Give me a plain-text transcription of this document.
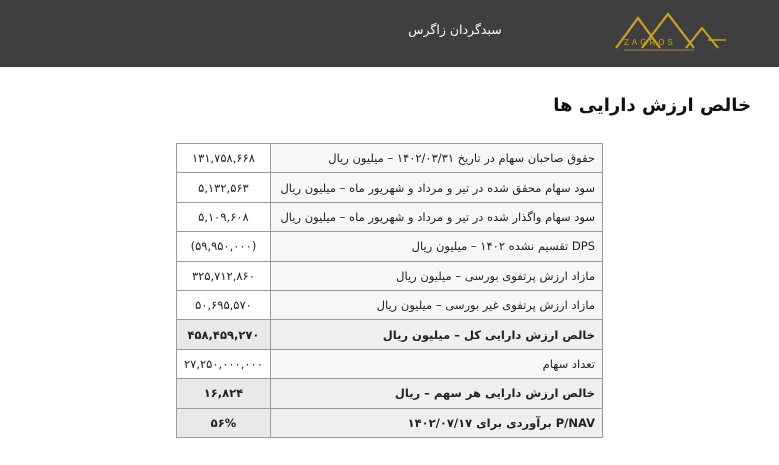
سبدگردان زاگرس
ZAGROS
خالص ارزش دارایی ها
حقوق صاحبان سهام در تاریخ ۱۴۰۲/۰۳/۳۱ – میلیون ریال	۱۳۱,۷۵۸,۶۶۸
سود سهام محقق شده در تیر و مرداد و شهریور ماه – میلیون ریال	۵,۱۳۲,۵۶۳
سود سهام واگذار شده در تیر و مرداد و شهریور ماه – میلیون ریال	۵,۱۰۹,۶۰۸
DPS تقسیم نشده ۱۴۰۲ – میلیون ریال	(۵۹,۹۵۰,۰۰۰)
مازاد ارزش پرتفوی بورسی – میلیون ریال	۳۲۵,۷۱۲,۸۶۰
مازاد ارزش پرتفوی غیر بورسی – میلیون ریال	۵۰,۶۹۵,۵۷۰
خالص ارزش دارایی کل – میلیون ریال	۴۵۸,۴۵۹,۲۷۰
تعداد سهام	۲۷,۲۵۰,۰۰۰,۰۰۰
خالص ارزش دارایی هر سهم – ریال	۱۶,۸۲۴
P/NAV برآوردی برای ۱۴۰۲/۰۷/۱۷	۵۶%
